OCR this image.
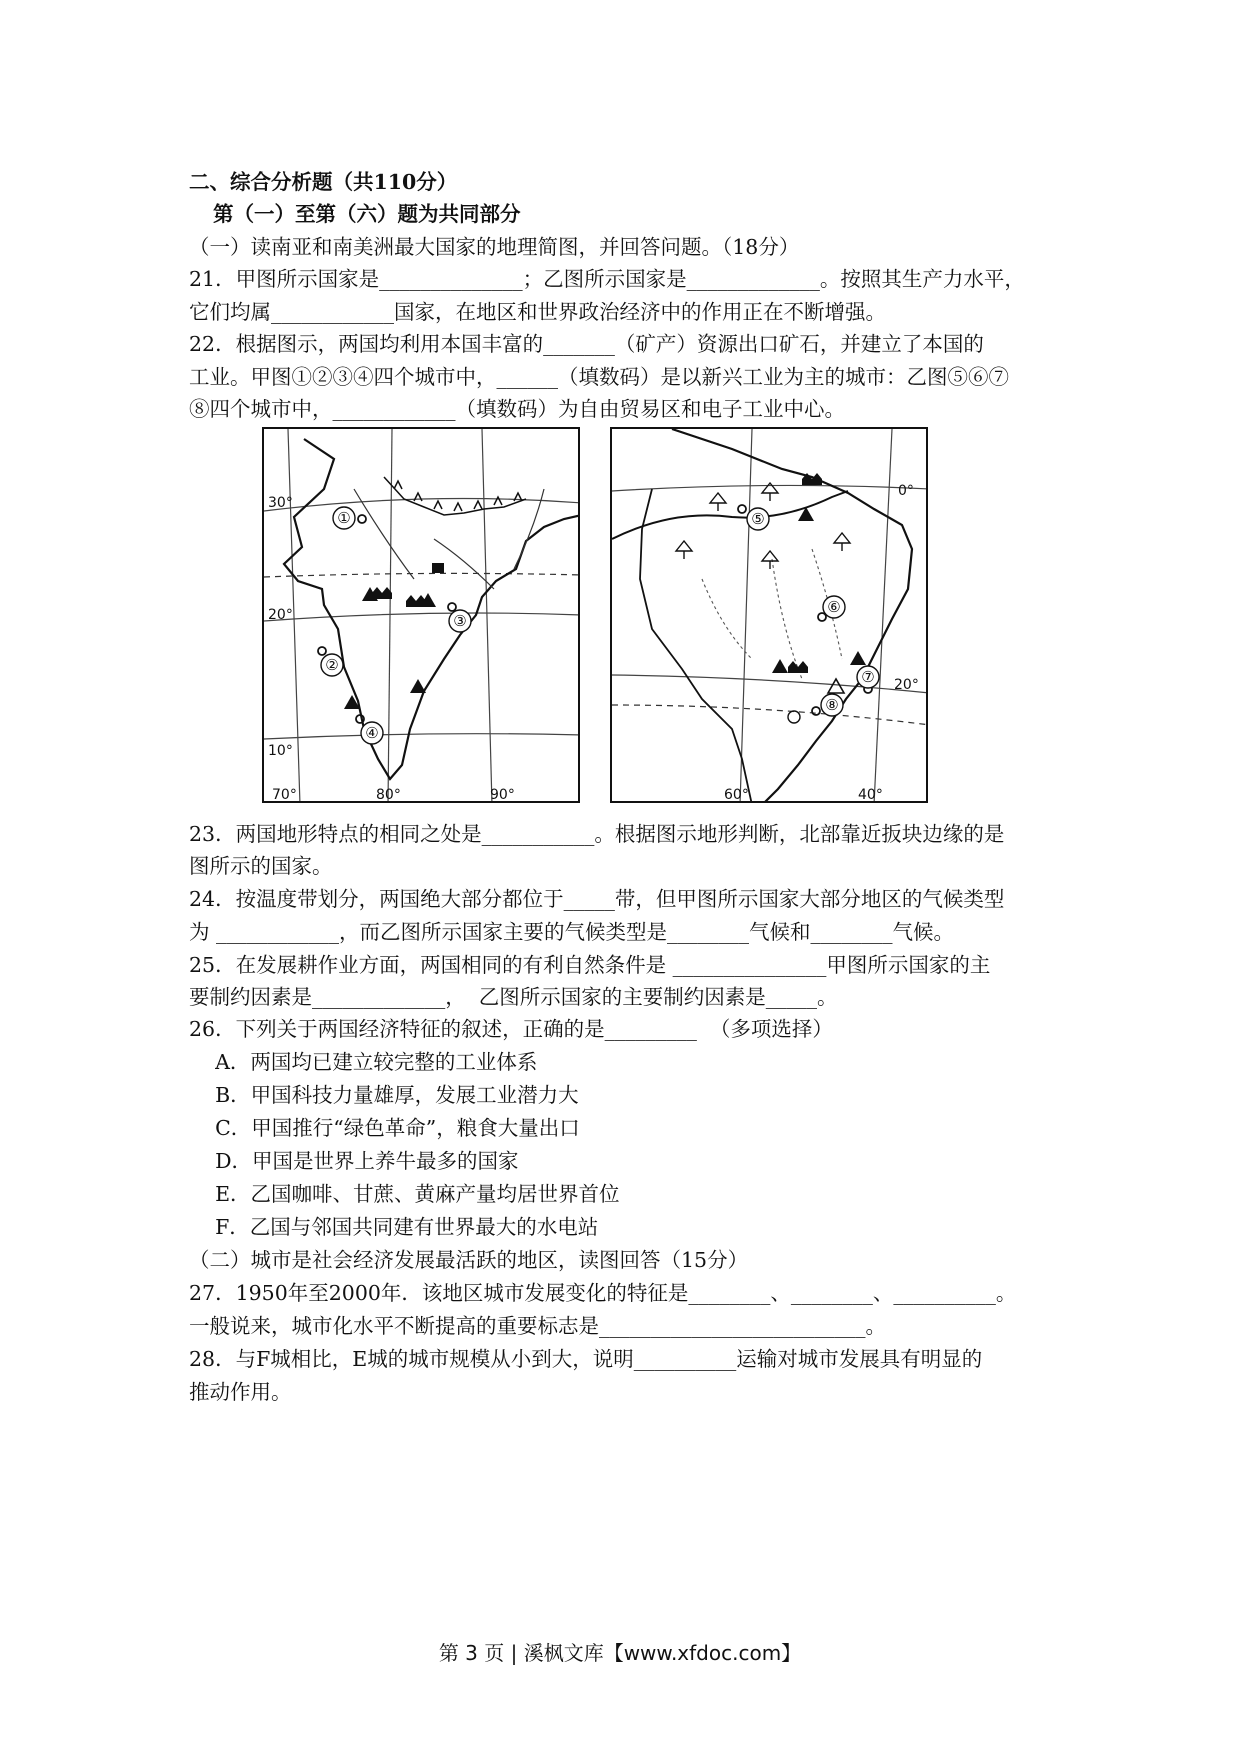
二、综合分析题（共110分）
第（一）至第（六）题为共同部分
（一）读南亚和南美洲最大国家的地理简图，并回答问题。（18分）
21．甲图所示国家是______________；乙图所示国家是_____________。按照其生产力水平，
它们均属____________国家，在地区和世界政治经济中的作用正在不断增强。
22．根据图示，两国均利用本国丰富的_______（矿产）资源出口矿石，并建立了本国的
工业。甲图①②③④四个城市中，______（填数码）是以新兴工业为主的城市：乙图⑤⑥⑦
⑧四个城市中，____________（填数码）为自由贸易区和电子工业中心。
①
②
③
④
30°
20°
10°
70°	80°	90°
⑤
⑥
⑦
⑧
0°
20°
60°	40°
23．两国地形特点的相同之处是___________。根据图示地形判断，北部靠近扳块边缘的是
图所示的国家。
24．按温度带划分，两国绝大部分都位于_____带，但甲图所示国家大部分地区的气候类型
为 ____________，而乙图所示国家主要的气候类型是________气候和________气候。
25．在发展耕作业方面，两国相同的有利自然条件是 _______________甲图所示国家的主
要制约因素是_____________，  乙图所示国家的主要制约因素是_____。
26．下列关于两国经济特征的叙述，正确的是_________  （多项选择）
A．两国均已建立较完整的工业体系
B．甲国科技力量雄厚，发展工业潜力大
C．甲国推行“绿色革命”，粮食大量出口
D．甲国是世界上养牛最多的国家
E．乙国咖啡、甘蔗、黄麻产量均居世界首位
F．乙国与邻国共同建有世界最大的水电站
（二）城市是社会经济发展最活跃的地区，读图回答（15分）
27．1950年至2000年．该地区城市发展变化的特征是________、________、__________。
一般说来，城市化水平不断提高的重要标志是__________________________。
28．与F城相比，E城的城市规模从小到大，说明__________运输对城市发展具有明显的
推动作用。
第 3 页 | 溪枫文库【www.xfdoc.com】
